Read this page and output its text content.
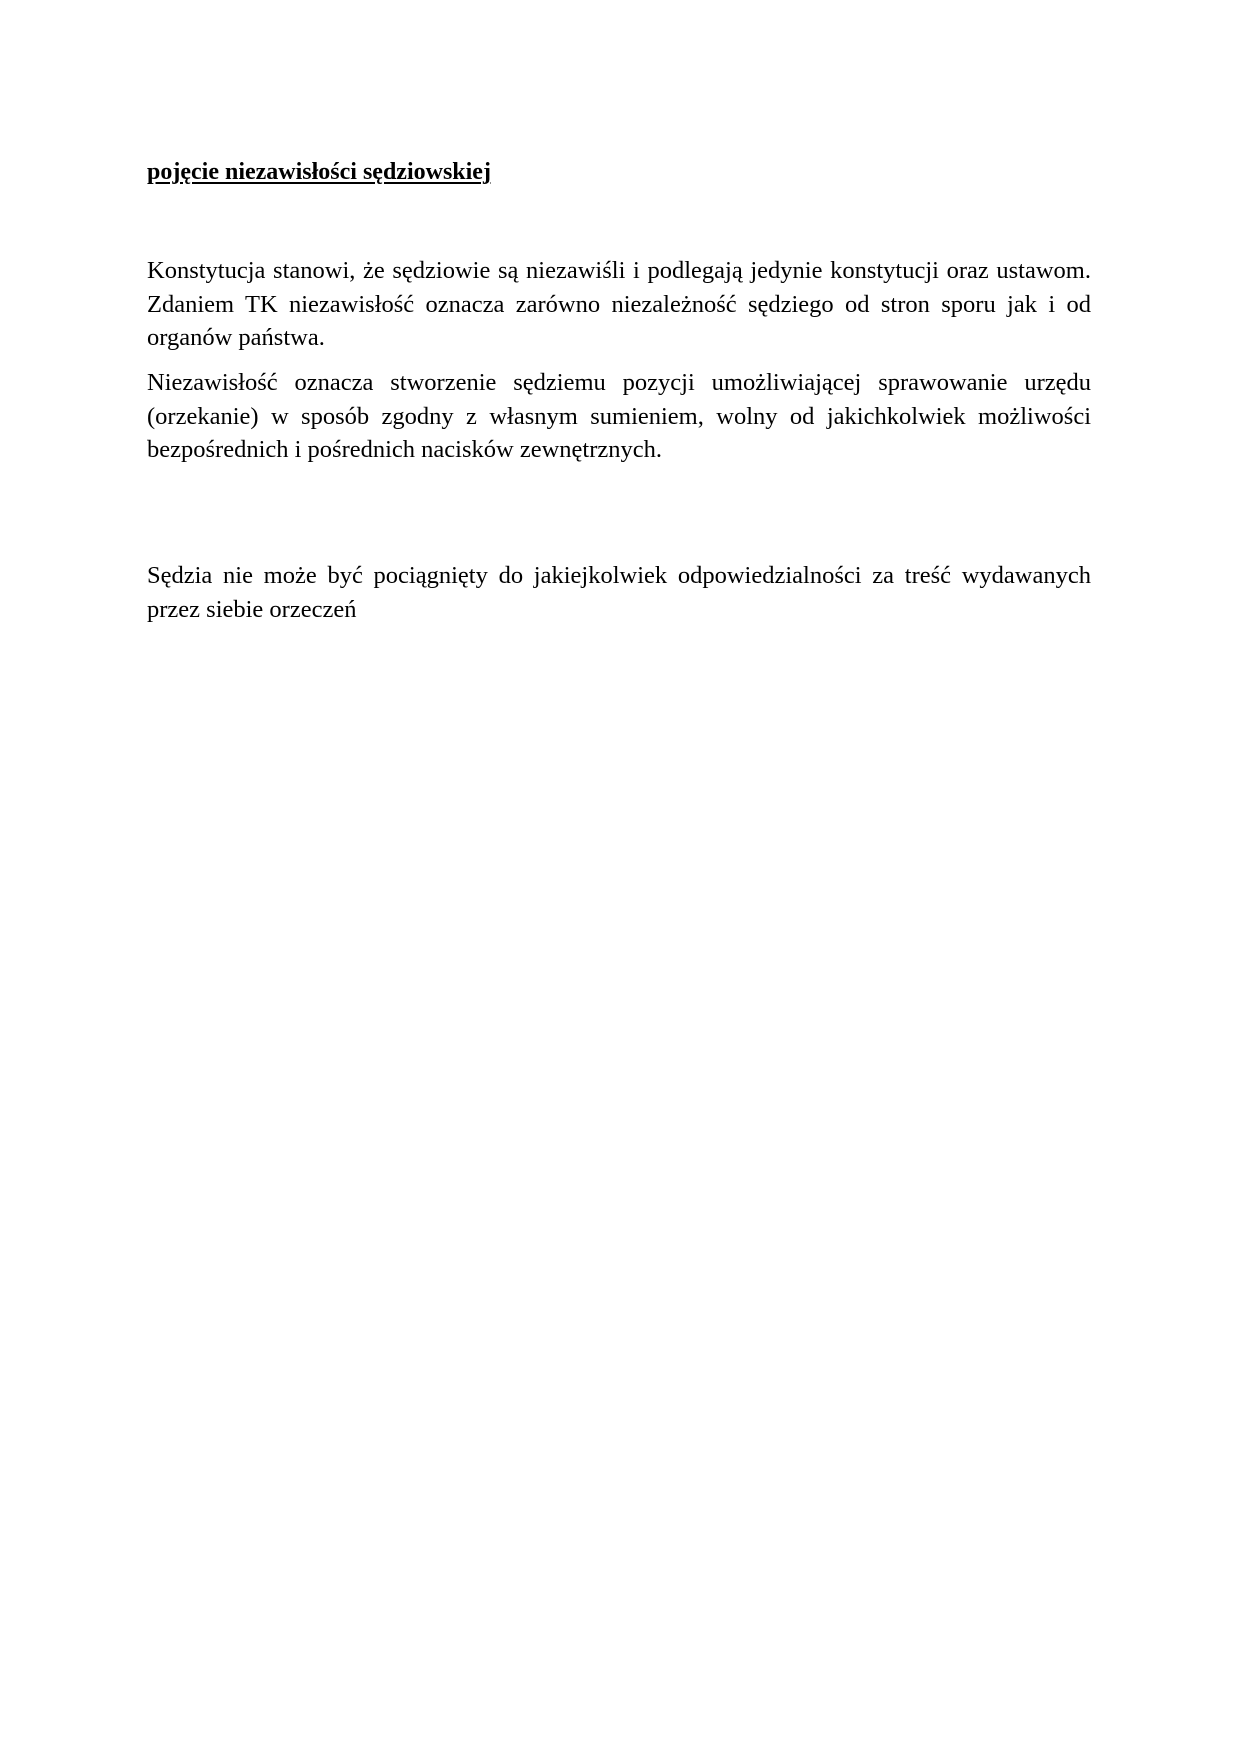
pojęcie niezawisłości sędziowskiej

Konstytucja stanowi, że sędziowie są niezawiśli i podlegają jedynie konstytucji oraz ustawom. Zdaniem TK niezawisłość oznacza zarówno niezależność sędziego od stron sporu jak i od organów państwa.

Niezawisłość oznacza stworzenie sędziemu pozycji umożliwiającej sprawowanie urzędu (orzekanie) w sposób zgodny z własnym sumieniem, wolny od jakichkolwiek możliwości bezpośrednich i pośrednich nacisków zewnętrznych.

Sędzia nie może być pociągnięty do jakiejkolwiek odpowiedzialności za treść wydawanych przez siebie orzeczeń
